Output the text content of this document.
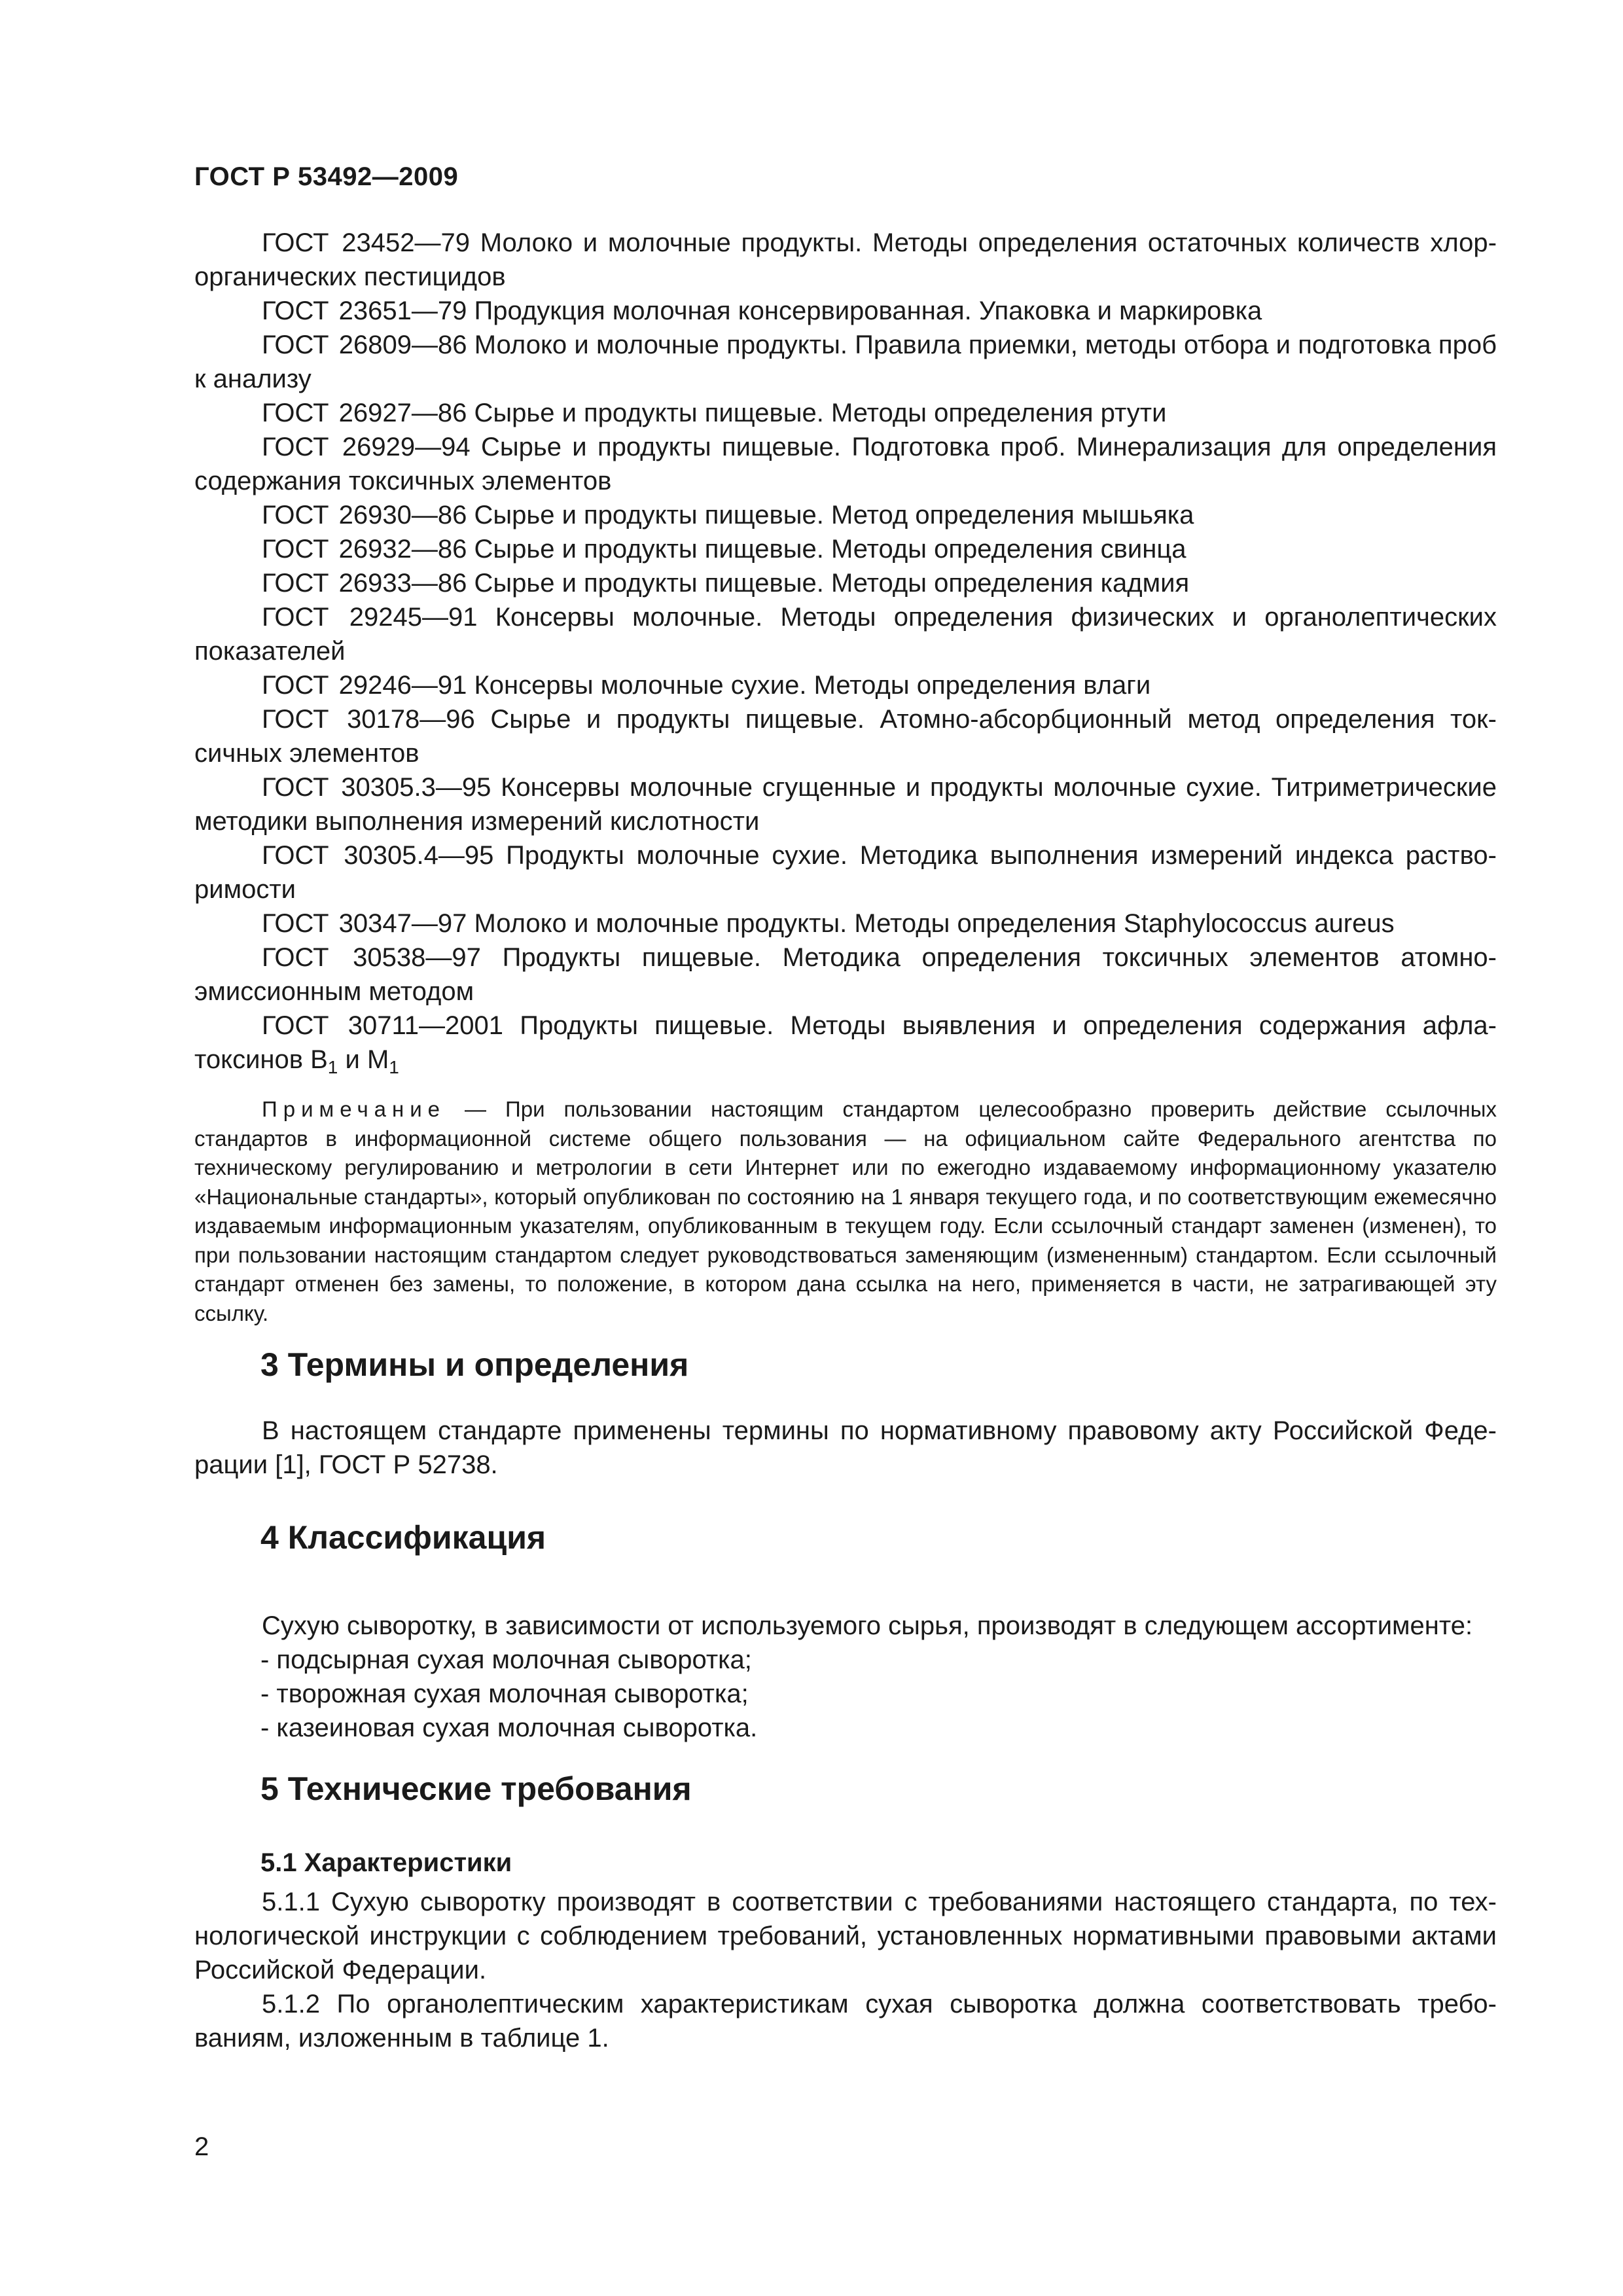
ГОСТ Р 53492—2009

ГОСТ 23452—79 Молоко и молочные продукты. Методы определения остаточных количеств хлорорганических пестицидов

ГОСТ 23651—79 Продукция молочная консервированная. Упаковка и маркировка

ГОСТ 26809—86 Молоко и молочные продукты. Правила приемки, методы отбора и подготовка проб к анализу

ГОСТ 26927—86 Сырье и продукты пищевые. Методы определения ртути

ГОСТ 26929—94 Сырье и продукты пищевые. Подготовка проб. Минерализация для определения содержания токсичных элементов

ГОСТ 26930—86 Сырье и продукты пищевые. Метод определения мышьяка

ГОСТ 26932—86 Сырье и продукты пищевые. Методы определения свинца

ГОСТ 26933—86 Сырье и продукты пищевые. Методы определения кадмия

ГОСТ 29245—91 Консервы молочные. Методы определения физических и органолептических показателей

ГОСТ 29246—91 Консервы молочные сухие. Методы определения влаги

ГОСТ 30178—96 Сырье и продукты пищевые. Атомно-абсорбционный метод определения токсичных элементов

ГОСТ 30305.3—95 Консервы молочные сгущенные и продукты молочные сухие. Титриметрические методики выполнения измерений кислотности

ГОСТ 30305.4—95 Продукты молочные сухие. Методика выполнения измерений индекса растворимости

ГОСТ 30347—97 Молоко и молочные продукты. Методы определения Staphylococcus aureus

ГОСТ 30538—97 Продукты пищевые. Методика определения токсичных элементов атомно-эмиссионным методом

ГОСТ 30711—2001 Продукты пищевые. Методы выявления и определения содержания афлатоксинов $B_1$ и $M_1$

Примечание — При пользовании настоящим стандартом целесообразно проверить действие ссылочных стандартов в информационной системе общего пользования — на официальном сайте Федерального агентства по техническому регулированию и метрологии в сети Интернет или по ежегодно издаваемому информационному указателю «Национальные стандарты», который опубликован по состоянию на 1 января текущего года, и по соответствующим ежемесячно издаваемым информационным указателям, опубликованным в текущем году. Если ссылочный стандарт заменен (изменен), то при пользовании настоящим стандартом следует руководствоваться заменяющим (измененным) стандартом. Если ссылочный стандарт отменен без замены, то положение, в котором дана ссылка на него, применяется в части, не затрагивающей эту ссылку.

3 Термины и определения

В настоящем стандарте применены термины по нормативному правовому акту Российской Федерации [1], ГОСТ Р 52738.

4 Классификация

Сухую сыворотку, в зависимости от используемого сырья, производят в следующем ассортименте:

- подсырная сухая молочная сыворотка;
- творожная сухая молочная сыворотка;
- казеиновая сухая молочная сыворотка.
5 Технические требования
5.1 Характеристики

5.1.1 Сухую сыворотку производят в соответствии с требованиями настоящего стандарта, по технологической инструкции с соблюдением требований, установленных нормативными правовыми актами Российской Федерации.

5.1.2 По органолептическим характеристикам сухая сыворотка должна соответствовать требованиям, изложенным в таблице 1.

2
